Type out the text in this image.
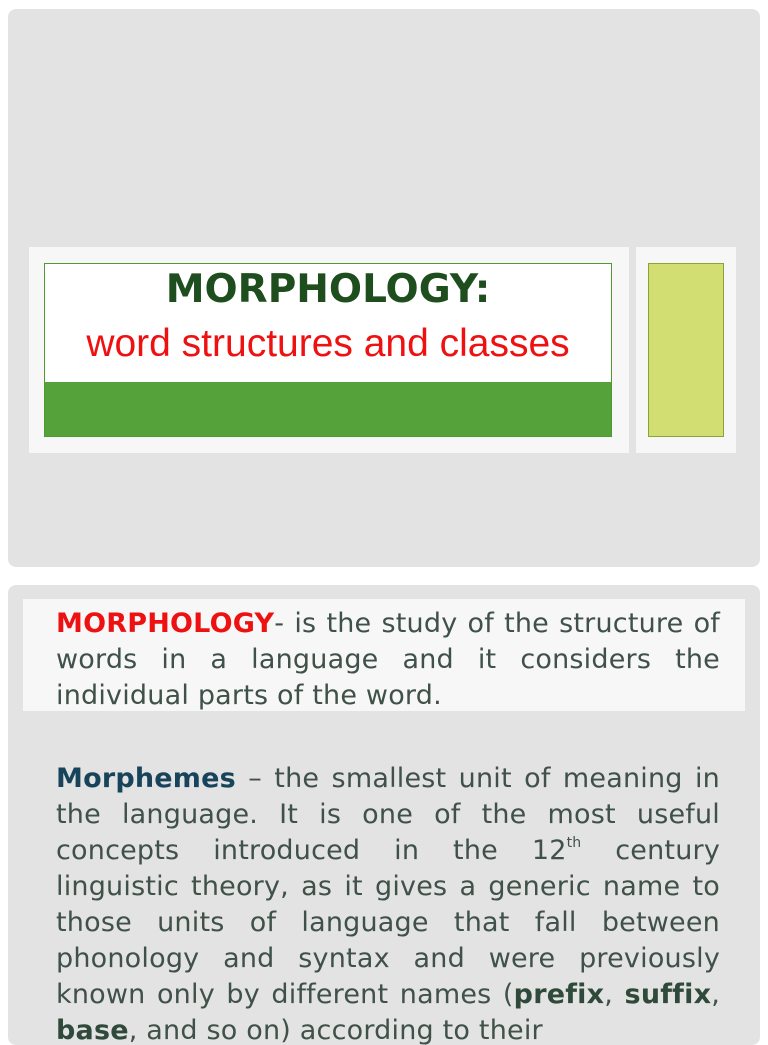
MORPHOLOGY:
word structures and classes
MORPHOLOGY- is the study of the structure of words in a language and it considers the individual parts of the word.
Morphemes – the smallest unit of meaning in the language. It is one of the most useful concepts introduced in the 12th century linguistic theory, as it gives a generic name to those units of language that fall between phonology and syntax and were previously known only by different names (prefix, suffix, base, and so on) according to their
